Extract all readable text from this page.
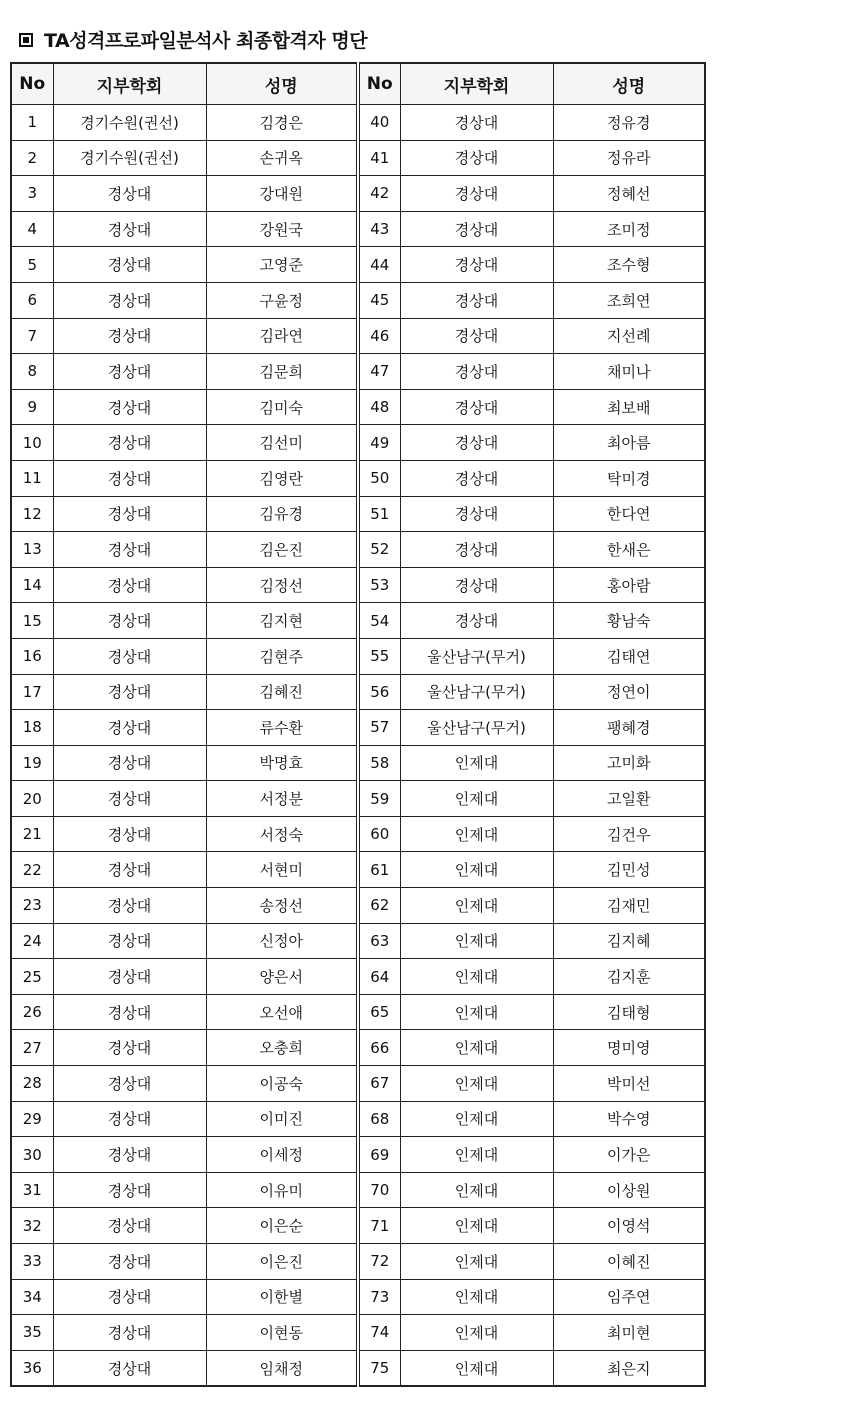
TA성격프로파일분석사 최종합격자 명단
No	지부학회	성명	No	지부학회	성명
1	경기수원(권선)	김경은	40	경상대	정유경
2	경기수원(권선)	손귀옥	41	경상대	정유라
3	경상대	강대원	42	경상대	정혜선
4	경상대	강원국	43	경상대	조미정
5	경상대	고영준	44	경상대	조수형
6	경상대	구윤정	45	경상대	조희연
7	경상대	김라연	46	경상대	지선례
8	경상대	김문희	47	경상대	채미나
9	경상대	김미숙	48	경상대	최보배
10	경상대	김선미	49	경상대	최아름
11	경상대	김영란	50	경상대	탁미경
12	경상대	김유경	51	경상대	한다연
13	경상대	김은진	52	경상대	한새은
14	경상대	김정선	53	경상대	홍아람
15	경상대	김지현	54	경상대	황남숙
16	경상대	김현주	55	울산남구(무거)	김태연
17	경상대	김혜진	56	울산남구(무거)	정연이
18	경상대	류수환	57	울산남구(무거)	팽혜경
19	경상대	박명효	58	인제대	고미화
20	경상대	서정분	59	인제대	고일환
21	경상대	서정숙	60	인제대	김건우
22	경상대	서현미	61	인제대	김민성
23	경상대	송정선	62	인제대	김재민
24	경상대	신정아	63	인제대	김지혜
25	경상대	양은서	64	인제대	김지훈
26	경상대	오선애	65	인제대	김태형
27	경상대	오충희	66	인제대	명미영
28	경상대	이공숙	67	인제대	박미선
29	경상대	이미진	68	인제대	박수영
30	경상대	이세정	69	인제대	이가은
31	경상대	이유미	70	인제대	이상원
32	경상대	이은순	71	인제대	이영석
33	경상대	이은진	72	인제대	이혜진
34	경상대	이한별	73	인제대	임주연
35	경상대	이현동	74	인제대	최미현
36	경상대	임채정	75	인제대	최은지
